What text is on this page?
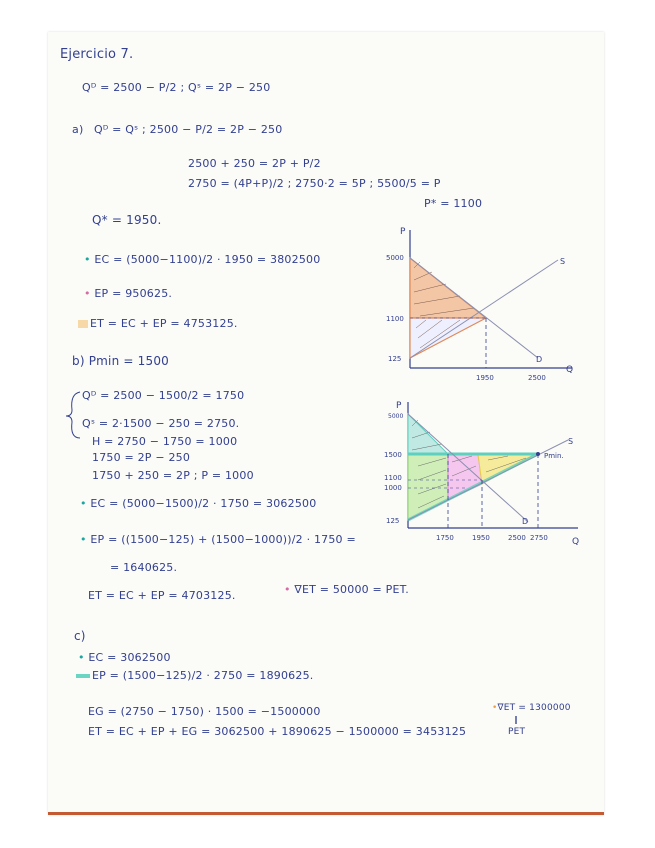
Ejercicio 7.
Qᴰ = 2500 − P/2 ; Qˢ = 2P − 250
a) Qᴰ = Qˢ ; 2500 − P/2 = 2P − 250
2500 + 250 = 2P + P/2
2750 = (4P+P)/2 ; 2750·2 = 5P ; 5500/5 = P
P* = 1100
Q* = 1950.
• EC = (5000−1100)/2 · 1950 = 3802500
• EP = 950625.
ET = EC + EP = 4753125.
b) Pmin = 1500
Qᴰ = 2500 − 1500/2 = 1750
Qˢ = 2·1500 − 250 = 2750.
H = 2750 − 1750 = 1000
1750 = 2P − 250
1750 + 250 = 2P ; P = 1000
• EC = (5000−1500)/2 · 1750 = 3062500
• EP = ((1500−125) + (1500−1000))/2 · 1750 =
= 1640625.
ET = EC + EP = 4703125.	• ∇ET = 50000 = PET.
c)
• EC = 3062500
EP = (1500−125)/2 · 2750 = 1890625.
EG = (2750 − 1750) · 1500 = −1500000
ET = EC + EP + EG = 3062500 + 1890625 − 1500000 = 3453125
•∇ET = 1300000
‖
PET
P
Q
S
D
5000
1100
125
1950	2500
P
Q
S
D
Pmin.
5000
1500
1100
1000
125
1750	1950	2500 2750
